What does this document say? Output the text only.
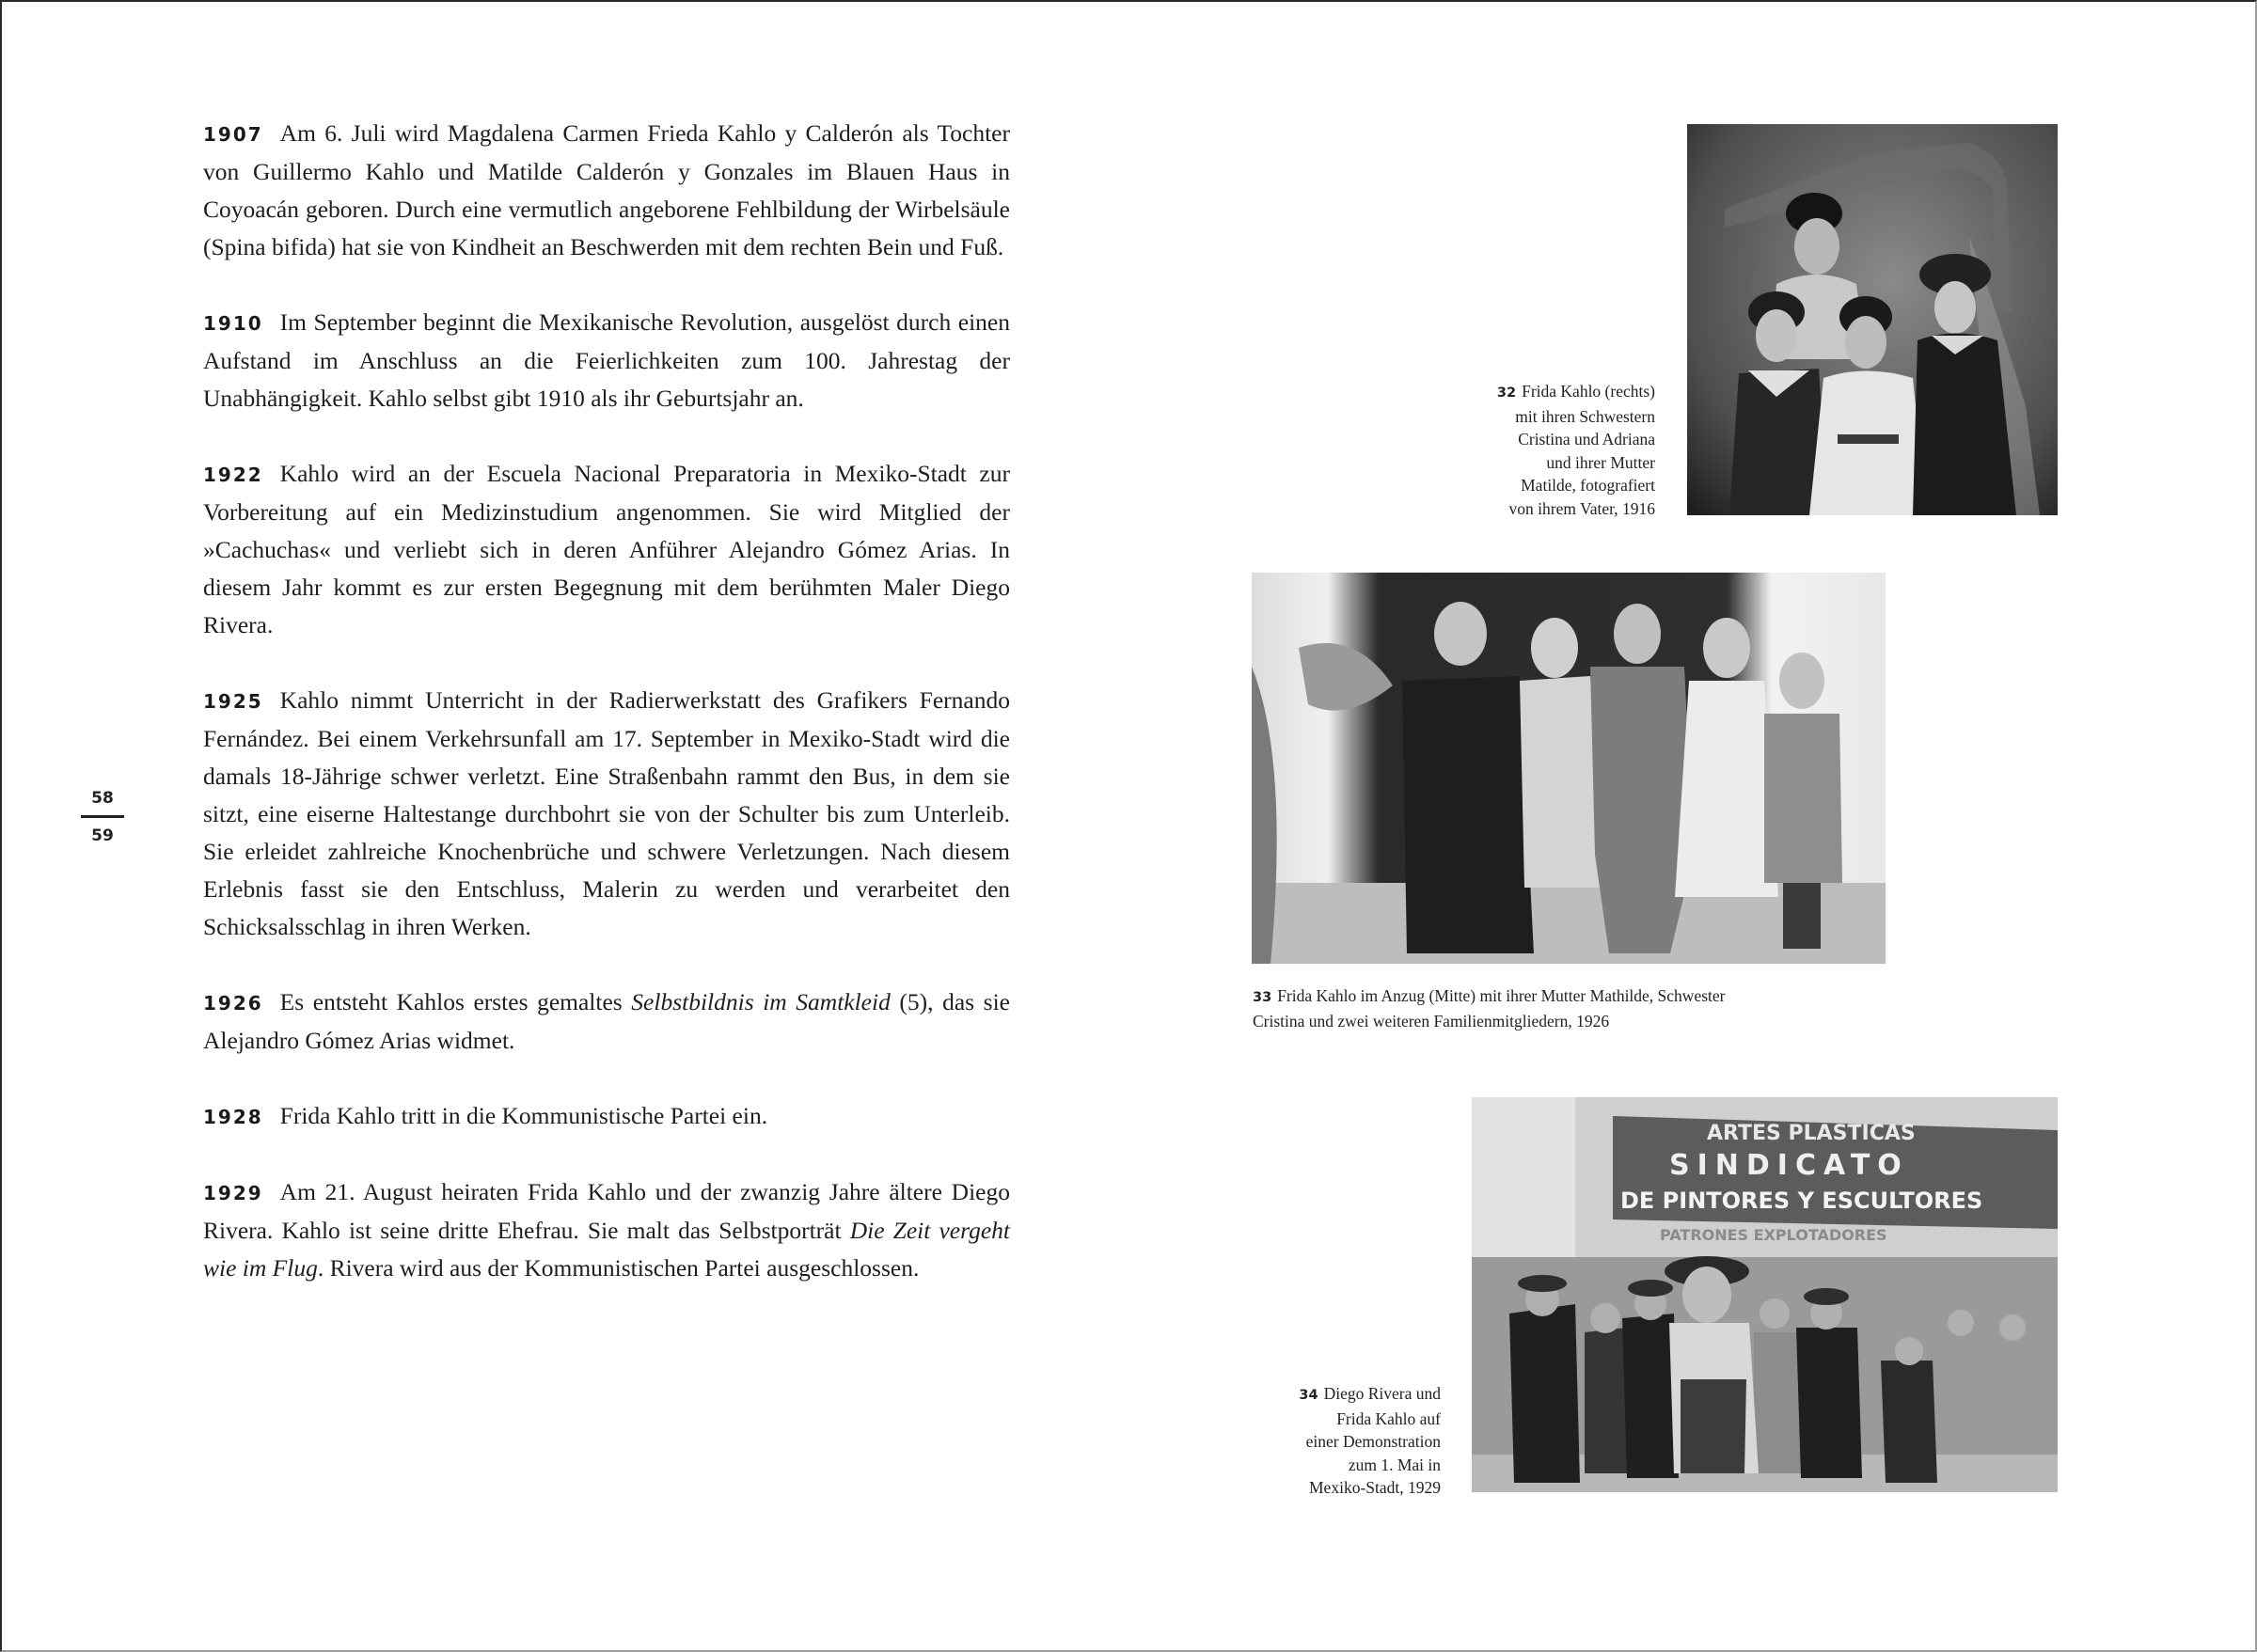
1907 Am 6. Juli wird Magdalena Carmen Frieda Kahlo y Calderón als Tochter von Guillermo Kahlo und Matilde Calderón y Gonzales im Blauen Haus in Coyoacán geboren. Durch eine vermutlich angeborene Fehlbildung der Wirbelsäule (Spina bifida) hat sie von Kindheit an Beschwerden mit dem rechten Bein und Fuß.

1910 Im September beginnt die Mexikanische Revolution, ausgelöst durch einen Aufstand im Anschluss an die Feierlichkeiten zum 100. Jahrestag der Unabhängigkeit. Kahlo selbst gibt 1910 als ihr Geburtsjahr an.

1922 Kahlo wird an der Escuela Nacional Preparatoria in Mexiko-Stadt zur Vorbereitung auf ein Medizinstudium angenommen. Sie wird Mitglied der »Cachuchas« und verliebt sich in deren Anführer Alejandro Gómez Arias. In diesem Jahr kommt es zur ersten Begegnung mit dem berühmten Maler Diego Rivera.

1925 Kahlo nimmt Unterricht in der Radierwerkstatt des Grafikers Fernando Fernández. Bei einem Verkehrsunfall am 17. September in Mexiko-Stadt wird die damals 18-Jährige schwer verletzt. Eine Straßenbahn rammt den Bus, in dem sie sitzt, eine eiserne Haltestange durchbohrt sie von der Schulter bis zum Unterleib. Sie erleidet zahlreiche Knochenbrüche und schwere Verletzungen. Nach diesem Erlebnis fasst sie den Entschluss, Malerin zu werden und verarbeitet den Schicksalsschlag in ihren Werken.

1926 Es entsteht Kahlos erstes gemaltes Selbstbildnis im Samtkleid (5), das sie Alejandro Gómez Arias widmet.

1928 Frida Kahlo tritt in die Kommunistische Partei ein.

1929 Am 21. August heiraten Frida Kahlo und der zwanzig Jahre ältere Diego Rivera. Kahlo ist seine dritte Ehefrau. Sie malt das Selbstporträt Die Zeit vergeht wie im Flug. Rivera wird aus der Kommunistischen Partei ausgeschlossen.

58
59
32 Frida Kahlo (rechts)
mit ihren Schwestern
Cristina und Adriana
und ihrer Mutter
Matilde, fotografiert
von ihrem Vater, 1916
33 Frida Kahlo im Anzug (Mitte) mit ihrer Mutter Mathilde, Schwester
Cristina und zwei weiteren Familienmitgliedern, 1926
34 Diego Rivera und
Frida Kahlo auf
einer Demonstration
zum 1. Mai in
Mexiko-Stadt, 1929
ARTES PLASTICAS
SINDICATO
DE PINTORES Y ESCULTORES
PATRONES EXPLOTADORES
